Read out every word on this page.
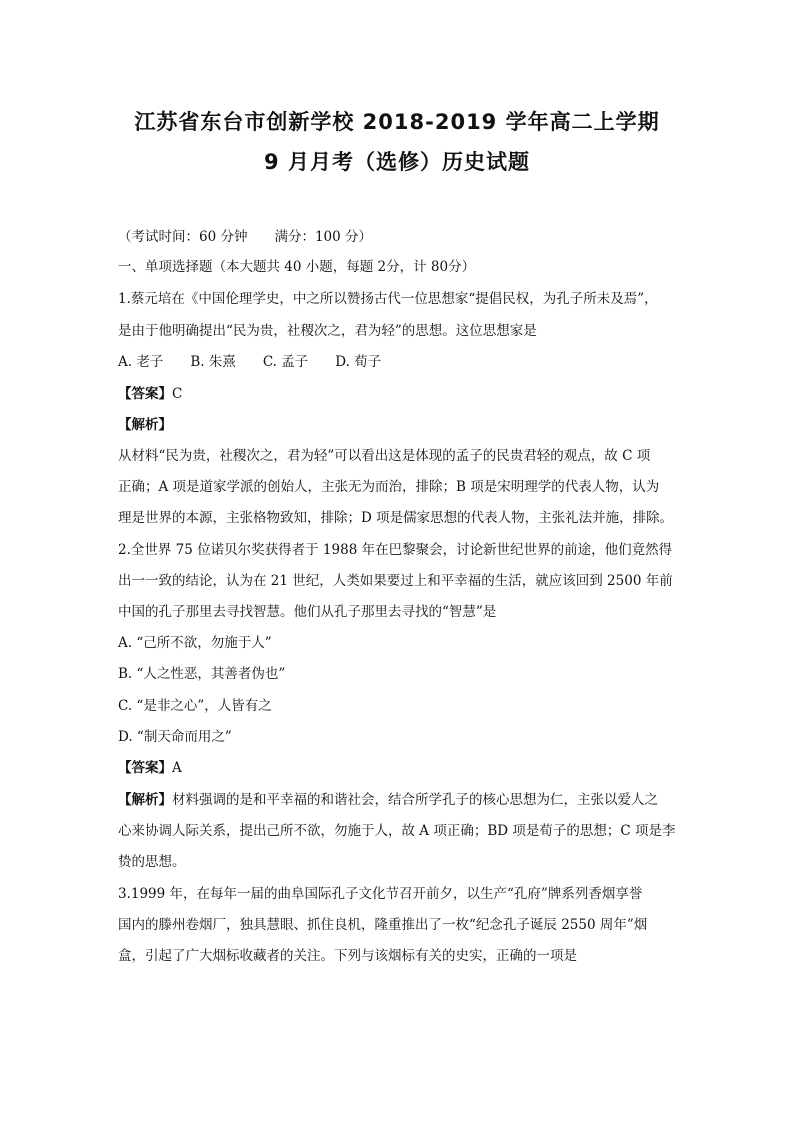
江苏省东台市创新学校 2018-2019 学年高二上学期
9 月月考（选修）历史试题
（考试时间：60 分钟　　满分：100 分）
一、单项选择题（本大题共 40 小题，每题 2分，计 80分）
1.蔡元培在《中国伦理学史，中之所以赞扬古代一位思想家“提倡民权，为孔子所未及焉”，
是由于他明确提出“民为贵，社稷次之，君为轻”的思想。这位思想家是
A. 老子　　B. 朱熹　　C. 孟子　　D. 荀子
【答案】C
【解析】
从材料“民为贵，社稷次之，君为轻”可以看出这是体现的孟子的民贵君轻的观点，故 C 项
正确；A 项是道家学派的创始人，主张无为而治，排除；B 项是宋明理学的代表人物，认为
理是世界的本源，主张格物致知，排除；D 项是儒家思想的代表人物，主张礼法并施，排除。
2.全世界 75 位诺贝尔奖获得者于 1988 年在巴黎聚会，讨论新世纪世界的前途，他们竟然得
出一一致的结论，认为在 21 世纪，人类如果要过上和平幸福的生活，就应该回到 2500 年前
中国的孔子那里去寻找智慧。他们从孔子那里去寻找的“智慧”是
A. “己所不欲，勿施于人”
B. “人之性恶，其善者伪也”
C. “是非之心”，人皆有之
D. “制天命而用之”
【答案】A
【解析】材料强调的是和平幸福的和谐社会，结合所学孔子的核心思想为仁，主张以爱人之
心来协调人际关系，提出己所不欲，勿施于人，故 A 项正确；BD 项是荀子的思想；C 项是李
贽的思想。
3.1999 年，在每年一届的曲阜国际孔子文化节召开前夕，以生产“孔府”牌系列香烟享誉
国内的滕州卷烟厂，独具慧眼、抓住良机，隆重推出了一枚“纪念孔子诞辰 2550 周年”烟
盒，引起了广大烟标收藏者的关注。下列与该烟标有关的史实，正确的一项是
